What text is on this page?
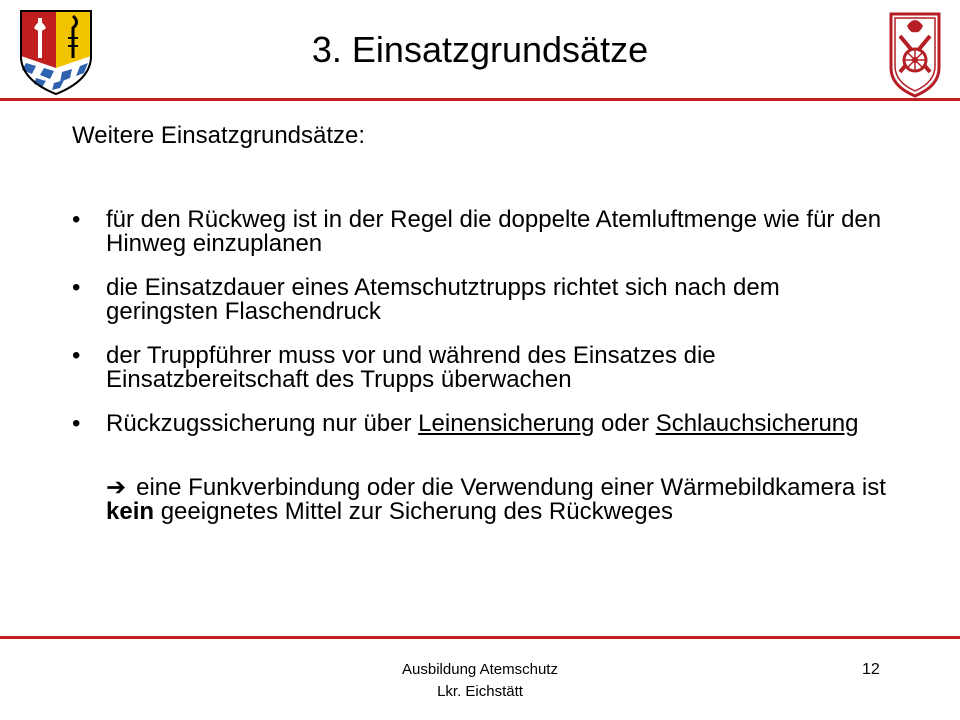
3. Einsatzgrundsätze
Weitere Einsatzgrundsätze:
• für den Rückweg ist in der Regel die doppelte Atemluftmenge wie für den Hinweg einzuplanen
• die Einsatzdauer eines Atemschutztrupps richtet sich nach dem geringsten Flaschendruck
• der Truppführer muss vor und während des Einsatzes die Einsatzbereitschaft des Trupps überwachen
• Rückzugssicherung nur über Leinensicherung oder Schlauchsicherung
➔ eine Funkverbindung oder die Verwendung einer Wärmebildkamera ist kein geeignetes Mittel zur Sicherung des Rückweges
Ausbildung Atemschutz
Lkr. Eichstätt
12
